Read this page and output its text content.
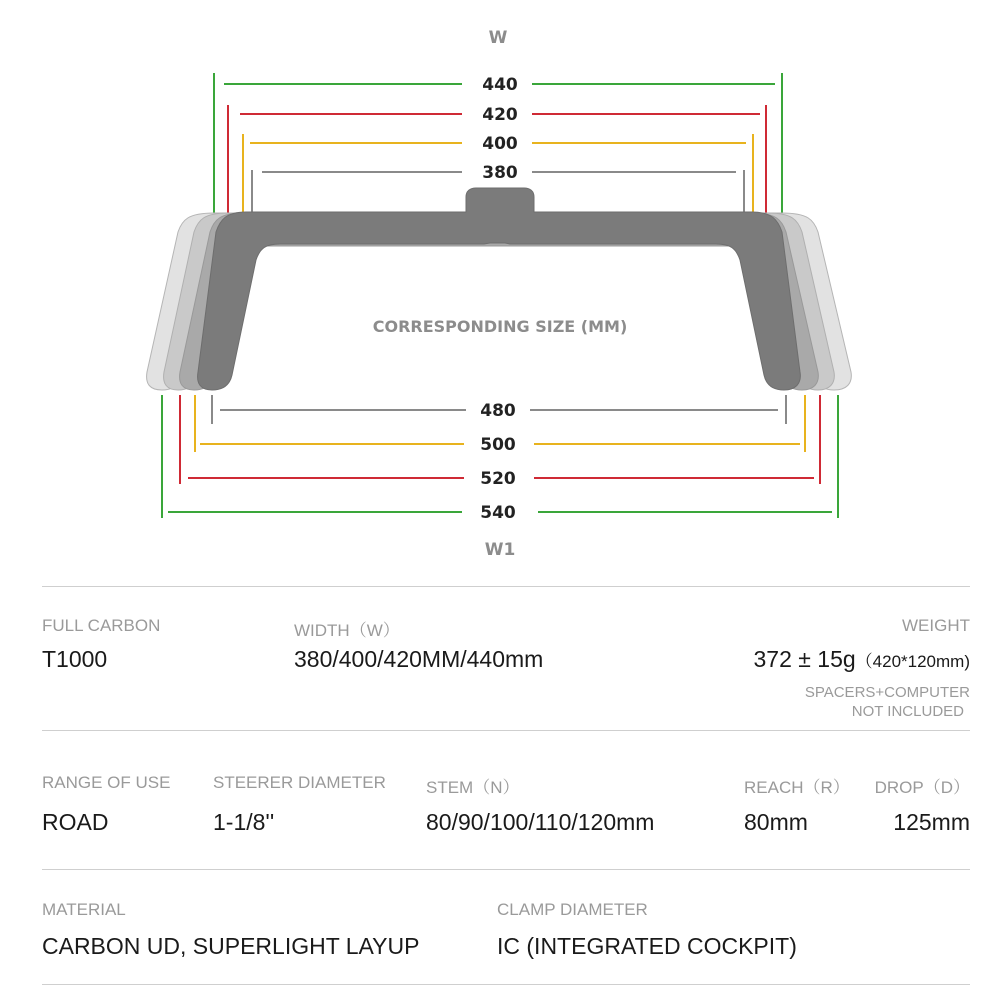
W
440
420
400
380
CORRESPONDING SIZE (MM)
480
500
520
540
W1
FULL CARBON
T1000
WIDTH（W）
380/400/420MM/440mm
WEIGHT
372 ± 15g（420*120mm)
SPACERS+COMPUTER
NOT INCLUDED
RANGE OF USE
ROAD
STEERER DIAMETER
1-1/8''
STEM（N）
80/90/100/110/120mm
REACH（R）
80mm
DROP（D）
125mm
MATERIAL
CARBON UD, SUPERLIGHT LAYUP
CLAMP DIAMETER
IC (INTEGRATED COCKPIT)
